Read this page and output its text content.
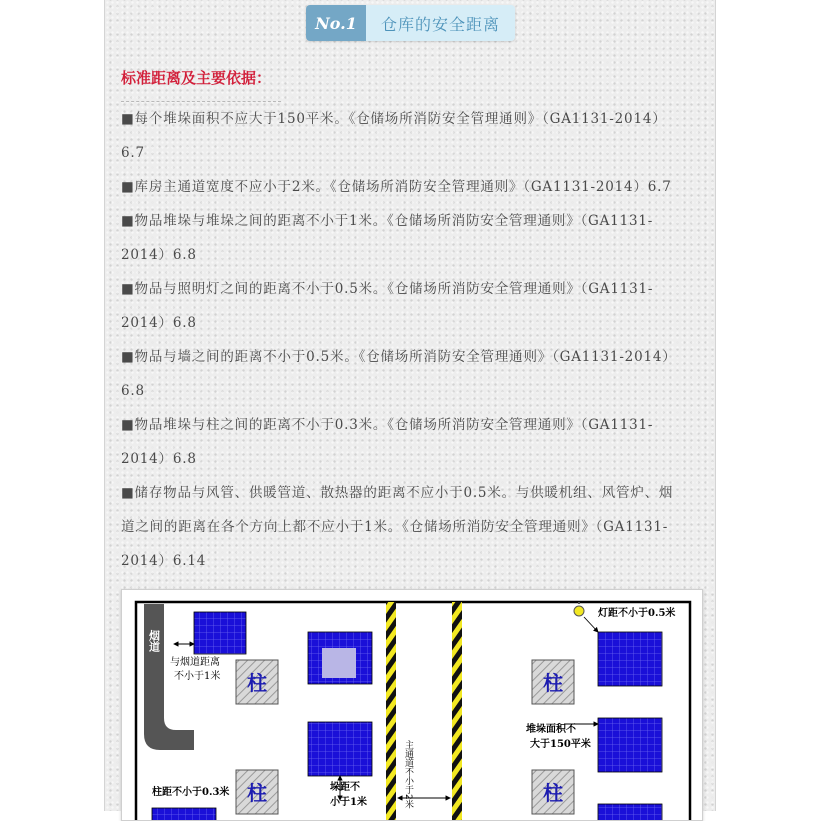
No.1	仓库的安全距离
标准距离及主要依据：
■每个堆垛面积不应大于150平米。《仓储场所消防安全管理通则》（GA1131-2014）
6.7
■库房主通道宽度不应小于2米。《仓储场所消防安全管理通则》（GA1131-2014）6.7
■物品堆垛与堆垛之间的距离不小于1米。《仓储场所消防安全管理通则》（GA1131-
2014）6.8
■物品与照明灯之间的距离不小于0.5米。《仓储场所消防安全管理通则》（GA1131-
2014）6.8
■物品与墙之间的距离不小于0.5米。《仓储场所消防安全管理通则》（GA1131-2014）
6.8
■物品堆垛与柱之间的距离不小于0.3米。《仓储场所消防安全管理通则》（GA1131-
2014）6.8
■储存物品与风管、供暖管道、散热器的距离不应小于0.5米。与供暖机组、风管炉、烟
道之间的距离在各个方向上都不应小于1米。《仓储场所消防安全管理通则》（GA1131-
2014）6.14
烟道
柱
柱
柱
柱
与烟道距离
不小于1米
灯距不小于0.5米
堆垛面积不
大于150平米
柱距不小于0.3米	垛距不
小于1米	主通道不小于2米
